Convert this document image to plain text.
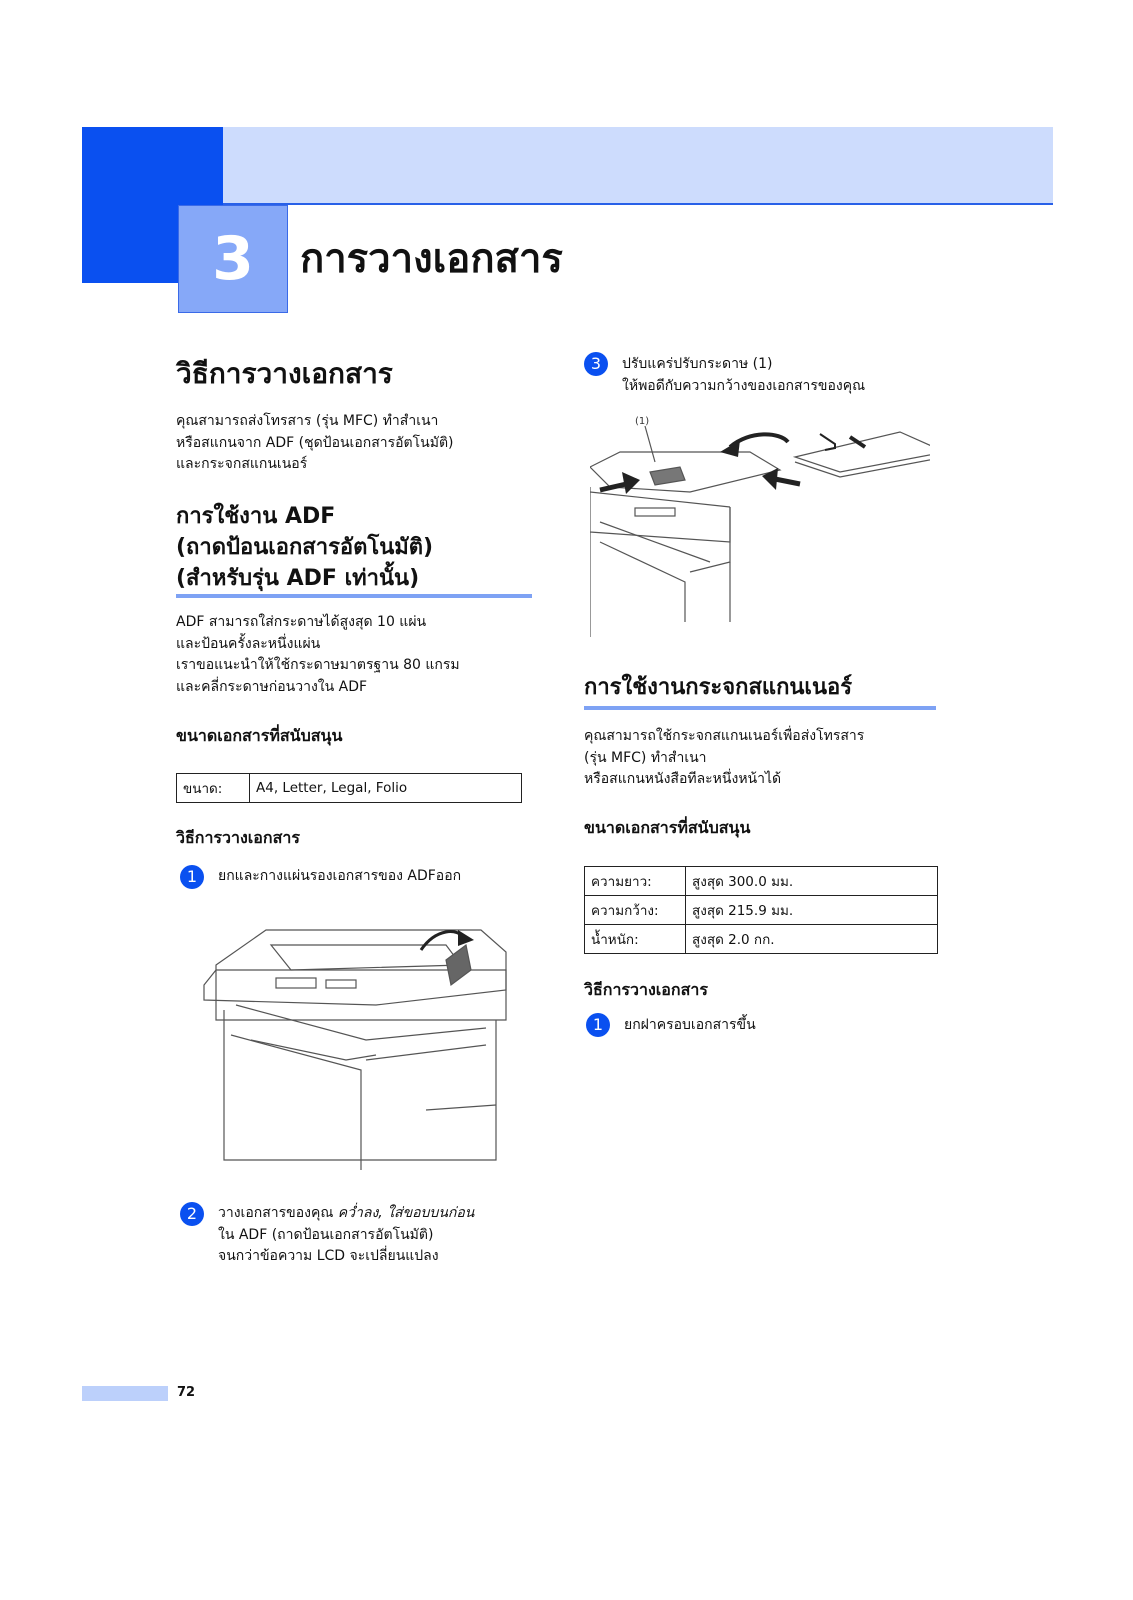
3	การวางเอกสาร
วิธีการวางเอกสาร
คุณสามารถส่งโทรสาร (รุ่น MFC) ทำสำเนา
หรือสแกนจาก ADF (ชุดป้อนเอกสารอัตโนมัติ)
และกระจกสแกนเนอร์
การใช้งาน ADF
(ถาดป้อนเอกสารอัตโนมัติ)
(สำหรับรุ่น ADF เท่านั้น)
ADF สามารถใส่กระดาษได้สูงสุด 10 แผ่น
และป้อนครั้งละหนึ่งแผ่น
เราขอแนะนำให้ใช้กระดาษมาตรฐาน 80 แกรม
และคลี่กระดาษก่อนวางใน ADF
ขนาดเอกสารที่สนับสนุน
ขนาด:	A4, Letter, Legal, Folio
วิธีการวางเอกสาร
1	ยกและกางแผ่นรองเอกสารของ ADFออก
2	วางเอกสารของคุณ คว่ำลง, ใส่ขอบบนก่อน
ใน ADF (ถาดป้อนเอกสารอัตโนมัติ)
จนกว่าข้อความ LCD จะเปลี่ยนแปลง
3	ปรับแคร่ปรับกระดาษ (1)
ให้พอดีกับความกว้างของเอกสารของคุณ
(1)
การใช้งานกระจกสแกนเนอร์
คุณสามารถใช้กระจกสแกนเนอร์เพื่อส่งโทรสาร
(รุ่น MFC) ทำสำเนา
หรือสแกนหนังสือทีละหนึ่งหน้าได้
ขนาดเอกสารที่สนับสนุน
ความยาว:	สูงสุด 300.0 มม.
ความกว้าง:	สูงสุด 215.9 มม.
น้ำหนัก:	สูงสุด 2.0 กก.
วิธีการวางเอกสาร
1	ยกฝาครอบเอกสารขึ้น
72
